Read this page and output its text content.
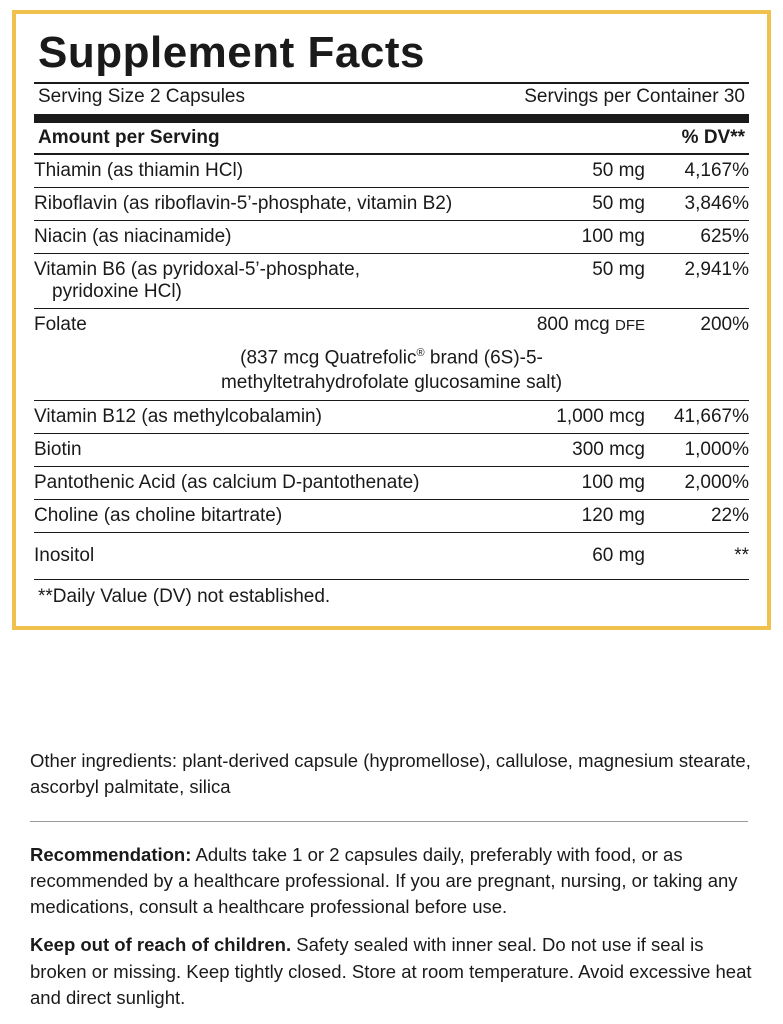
Supplement Facts
Serving Size 2 Capsules	Servings per Container 30
Amount per Serving	% DV**
Thiamin (as thiamin HCl)	50 mg	4,167%
Riboflavin (as riboflavin-5’-phosphate, vitamin B2)	50 mg	3,846%
Niacin (as niacinamide)	100 mg	625%
Vitamin B6 (as pyridoxal-5’-phosphate,
pyridoxine HCl)	50 mg	2,941%
Folate	800 mcg DFE	200%
(837 mcg Quatrefolic® brand (6S)-5-
methyltetrahydrofolate glucosamine salt)		
Vitamin B12 (as methylcobalamin)	1,000 mcg	41,667%
Biotin	300 mcg	1,000%
Pantothenic Acid (as calcium D-pantothenate)	100 mg	2,000%
Choline (as choline bitartrate)	120 mg	22%
Inositol	60 mg	**
**Daily Value (DV) not established.

Other ingredients: plant-derived capsule (hypromellose), callulose, magnesium stearate, ascorbyl palmitate, silica

Recommendation: Adults take 1 or 2 capsules daily, preferably with food, or as recommended by a healthcare professional. If you are pregnant, nursing, or taking any medications, consult a healthcare professional before use.

Keep out of reach of children. Safety sealed with inner seal. Do not use if seal is broken or missing. Keep tightly closed. Store at room temperature. Avoid excessive heat and direct sunlight.
